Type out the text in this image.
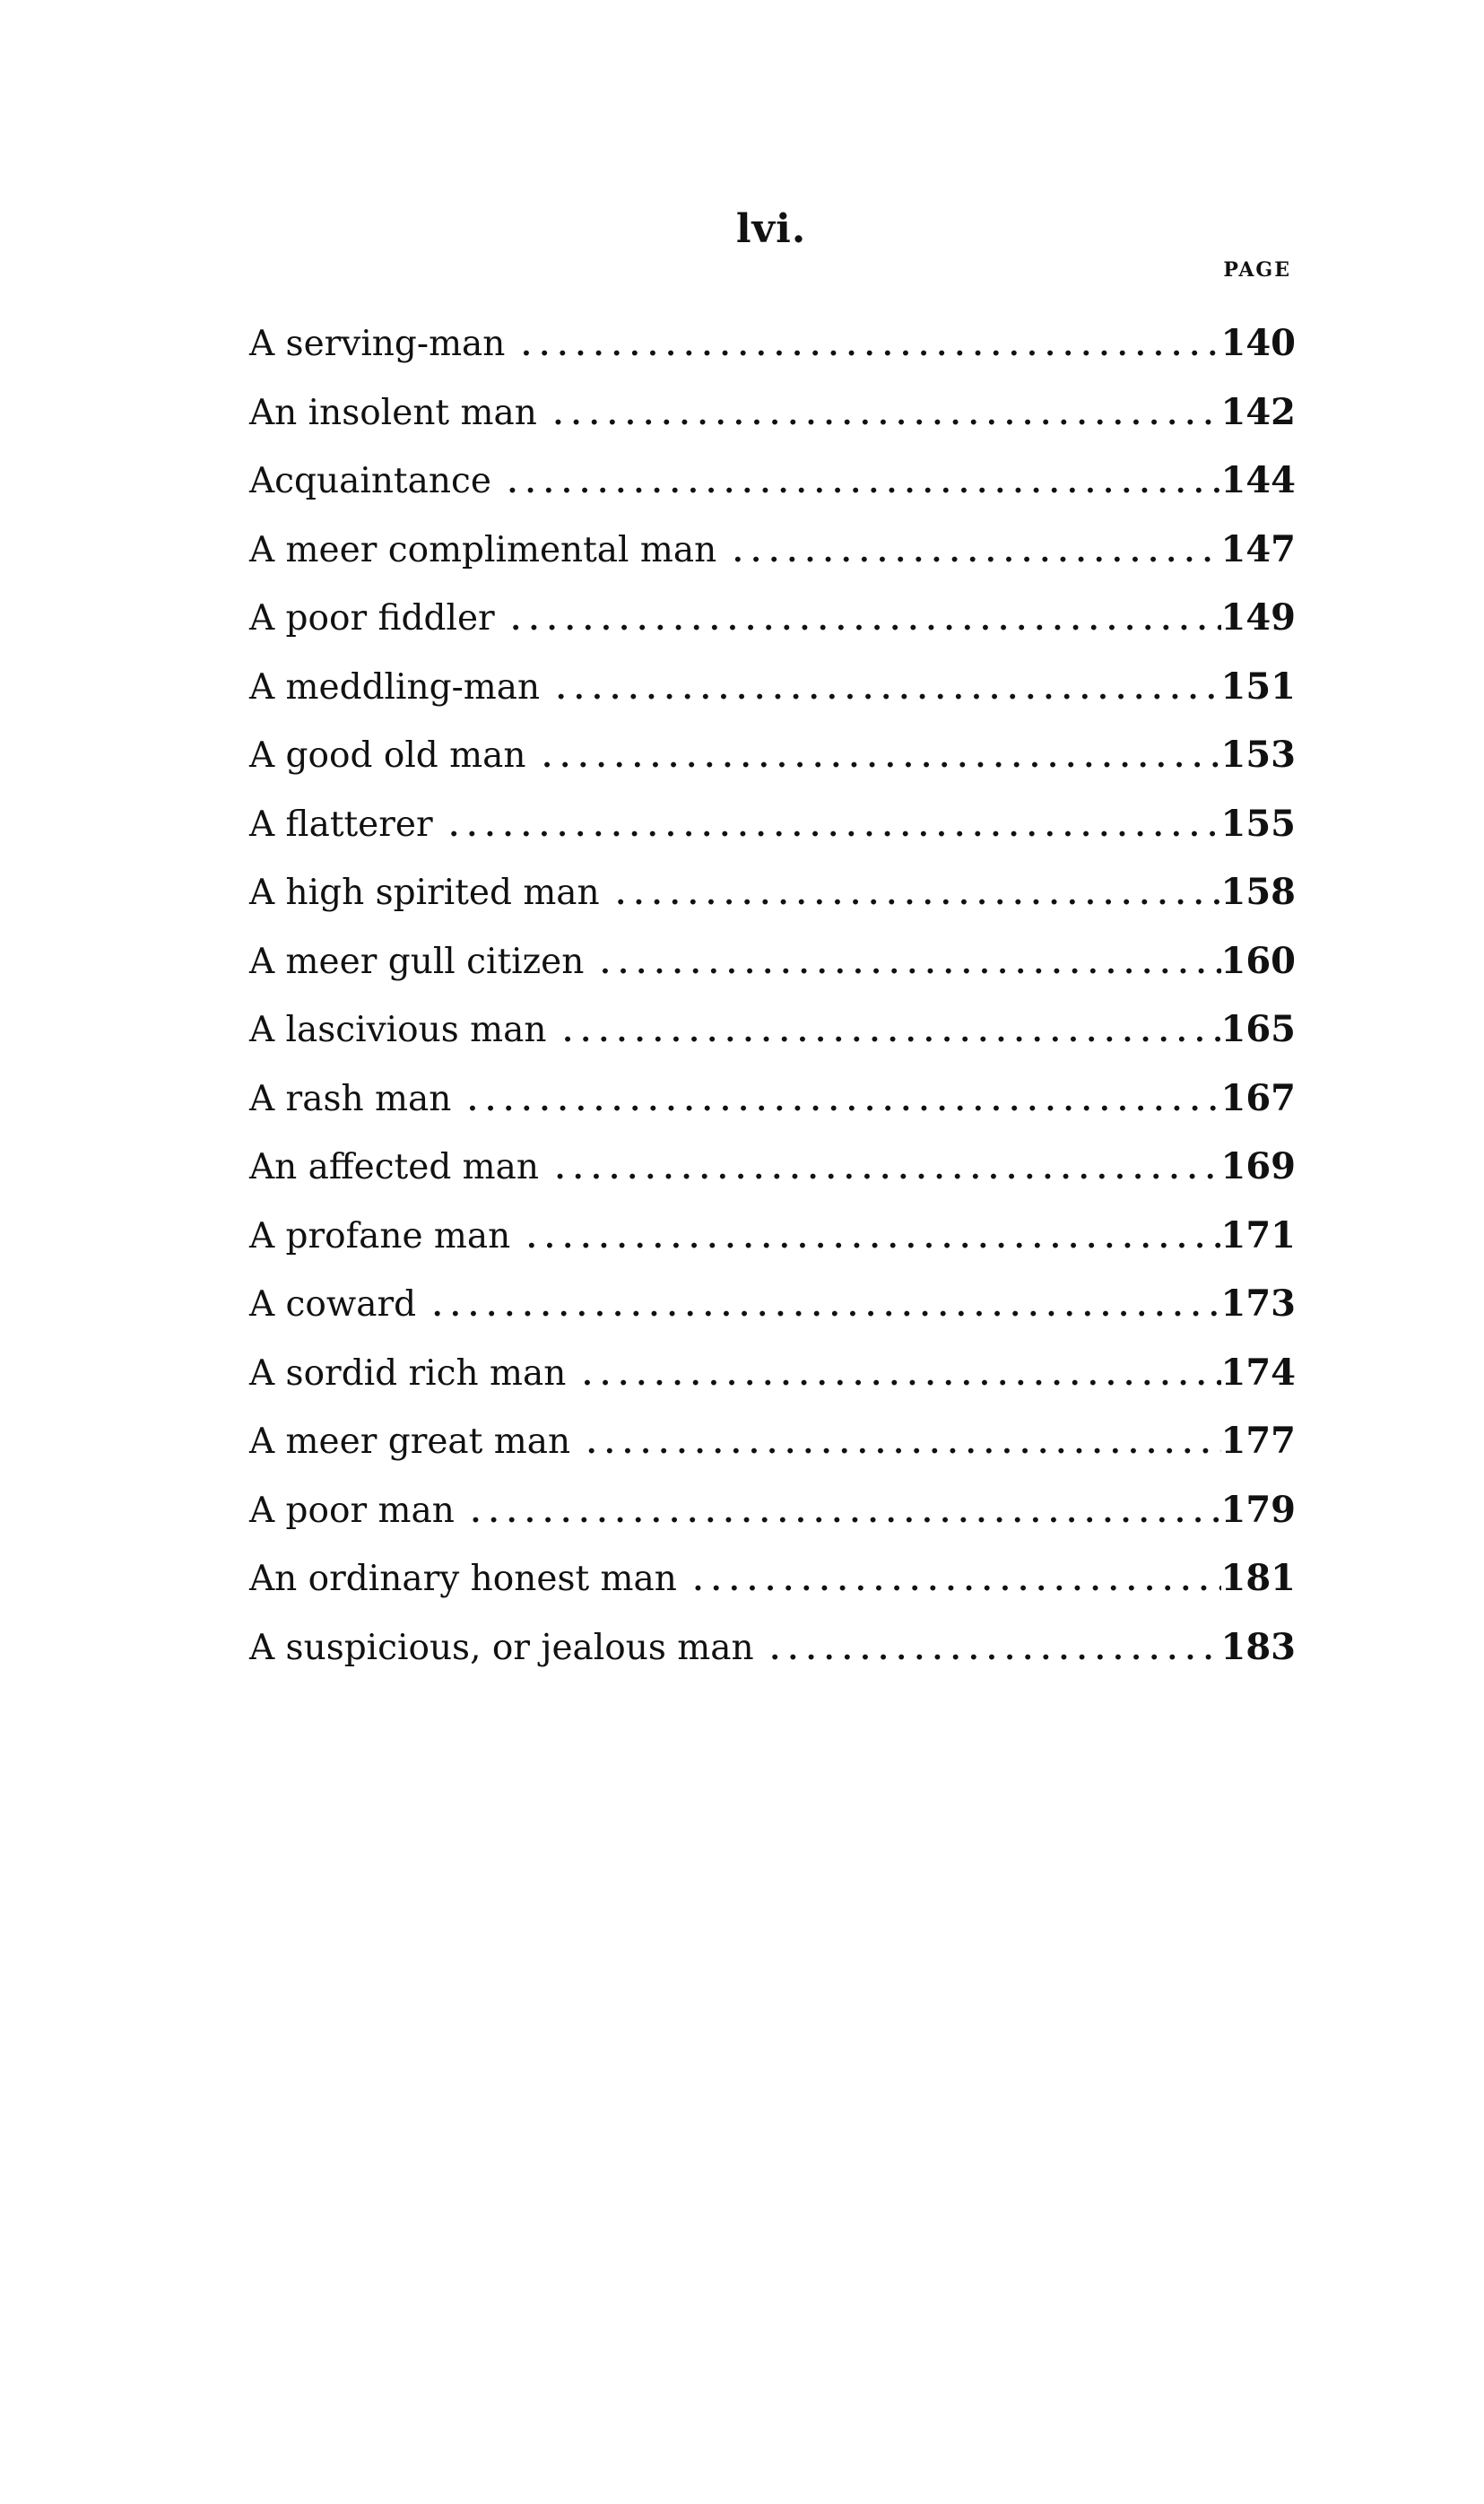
lvi.
PAGE
A serving-man .....	140
An insolent man .....	142
Acquaintance .....	144
A meer complimental man .....	147
A poor fiddler .....	149
A meddling-man .....	151
A good old man .....	153
A flatterer .....	155
A high spirited man .....	158
A meer gull citizen .....	160
A lascivious man .....	165
A rash man .....	167
An affected man .....	169
A profane man .....	171
A coward .....	173
A sordid rich man .....	174
A meer great man .....	177
A poor man .....	179
An ordinary honest man .....	181
A suspicious, or jealous man .....	183
